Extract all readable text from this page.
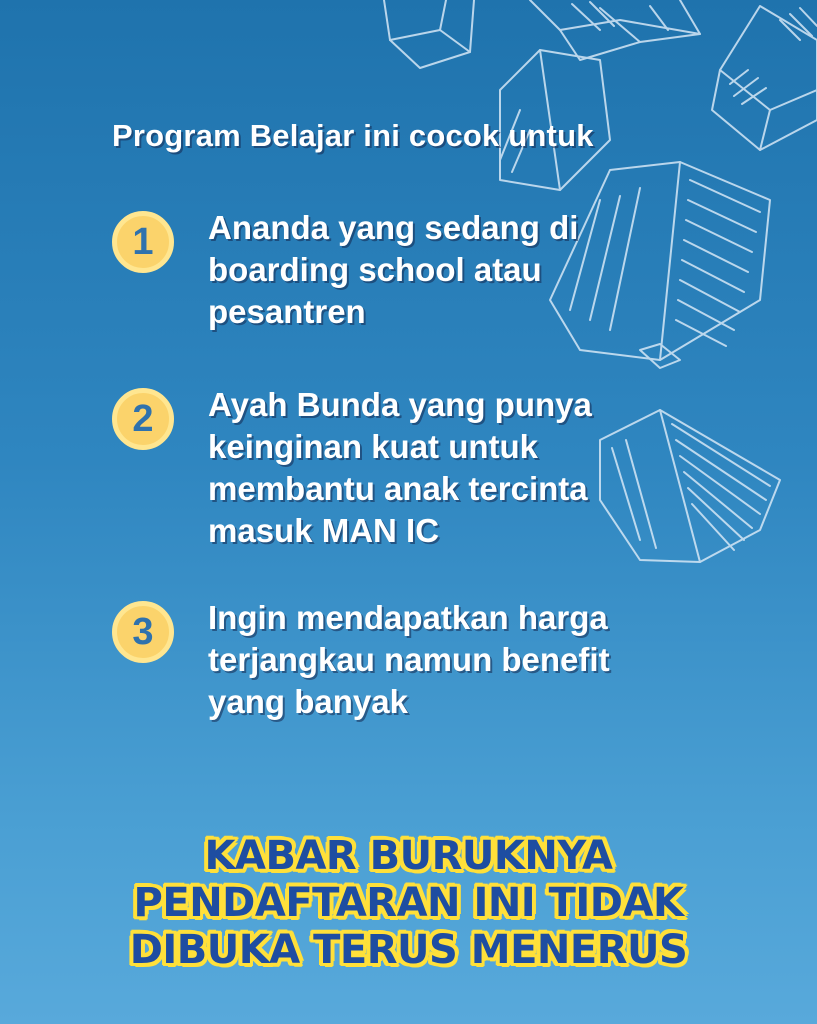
Program Belajar ini cocok untuk
1	Ananda yang sedang di
boarding school atau
pesantren
2	Ayah Bunda yang punya
keinginan kuat untuk
membantu anak tercinta
masuk MAN IC
3	Ingin mendapatkan harga
terjangkau namun benefit
yang banyak
KABAR BURUKNYA
PENDAFTARAN INI TIDAK
DIBUKA TERUS MENERUS
